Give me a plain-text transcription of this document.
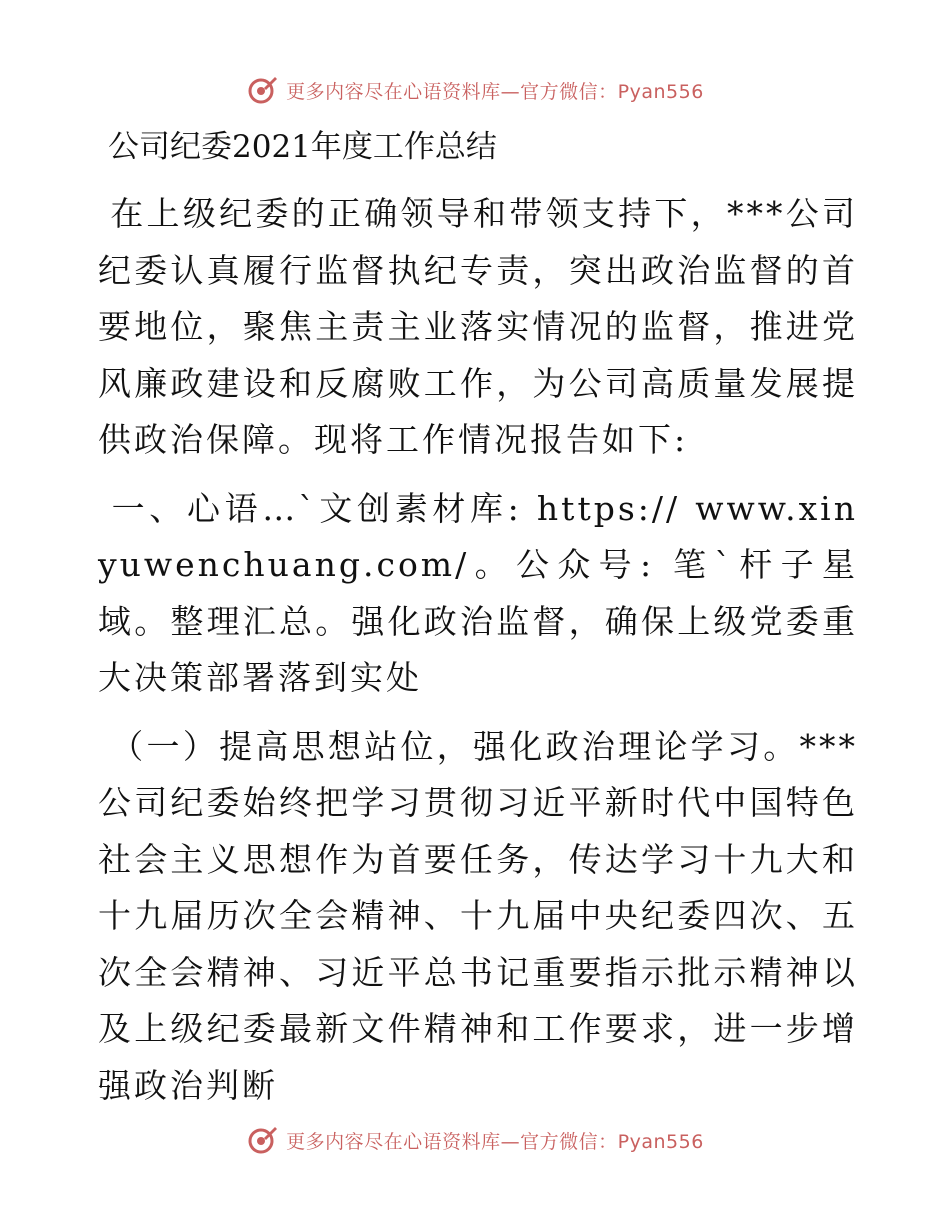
更多内容尽在心语资料库—官方微信：Pyan556
公司纪委2021年度工作总结

在上级纪委的正确领导和带领支持下，***公司纪委认真履行监督执纪专责，突出政治监督的首要地位，聚焦主责主业落实情况的监督，推进党风廉政建设和反腐败工作，为公司高质量发展提供政治保障。现将工作情况报告如下:

一、心语…`文创素材库: https:// www.xinyuwenchuang.com/。公众号: 笔`杆子星域。整理汇总。强化政治监督，确保上级党委重大决策部署落到实处

（一）提高思想站位，强化政治理论学习。***公司纪委始终把学习贯彻习近平新时代中国特色社会主义思想作为首要任务，传达学习十九大和十九届历次全会精神、十九届中央纪委四次、五次全会精神、习近平总书记重要指示批示精神以及上级纪委最新文件精神和工作要求，进一步增强政治判断

更多内容尽在心语资料库—官方微信：Pyan556
